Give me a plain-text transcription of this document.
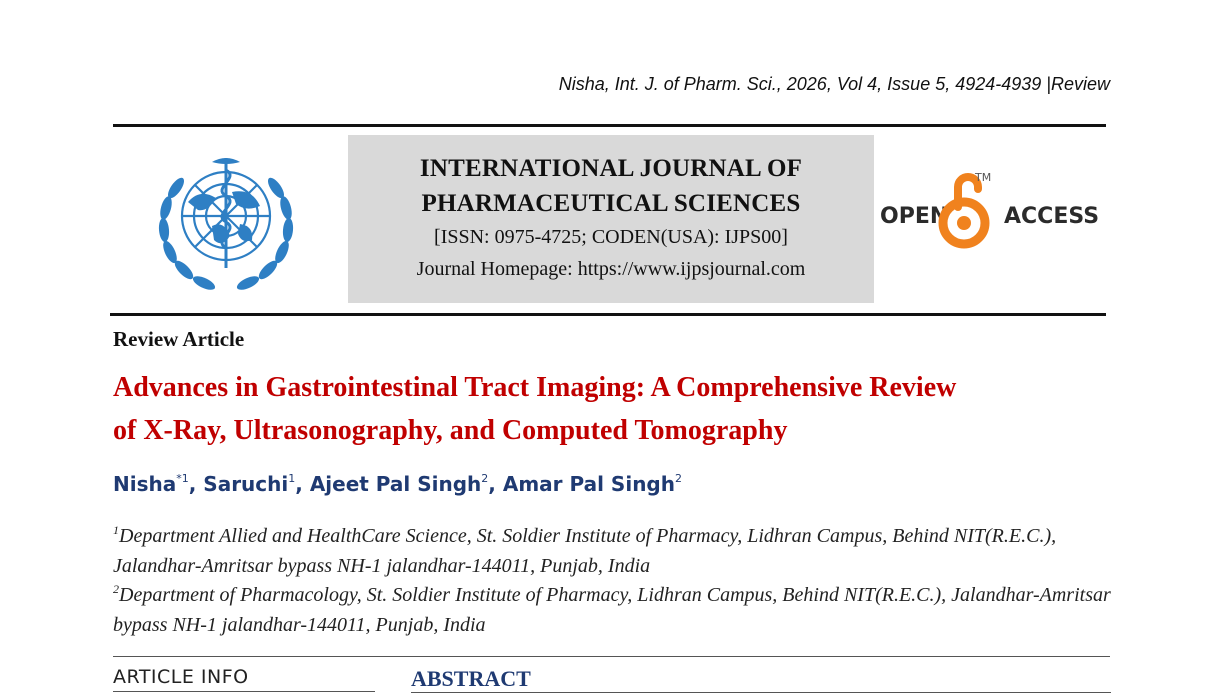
Nisha, Int. J. of Pharm. Sci., 2026, Vol 4, Issue 5, 4924-4939 |Review
INTERNATIONAL JOURNAL OF
PHARMACEUTICAL SCIENCES
[ISSN: 0975-4725; CODEN(USA): IJPS00]
Journal Homepage: https://www.ijpsjournal.com
OPEN	ACCESS
TM
Review Article
Advances in Gastrointestinal Tract Imaging: A Comprehensive Review
of X-Ray, Ultrasonography, and Computed Tomography
Nisha$^{*1}$, Saruchi$^1$, Ajeet Pal Singh$^2$, Amar Pal Singh$^2$
$^1$Department Allied and HealthCare Science, St. Soldier Institute of Pharmacy, Lidhran Campus, Behind NIT(R.E.C.), Jalandhar-Amritsar bypass NH-1 jalandhar-144011, Punjab, India
$^2$Department of Pharmacology, St. Soldier Institute of Pharmacy, Lidhran Campus, Behind NIT(R.E.C.), Jalandhar-Amritsar bypass NH-1 jalandhar-144011, Punjab, India
ARTICLE INFO	ABSTRACT
